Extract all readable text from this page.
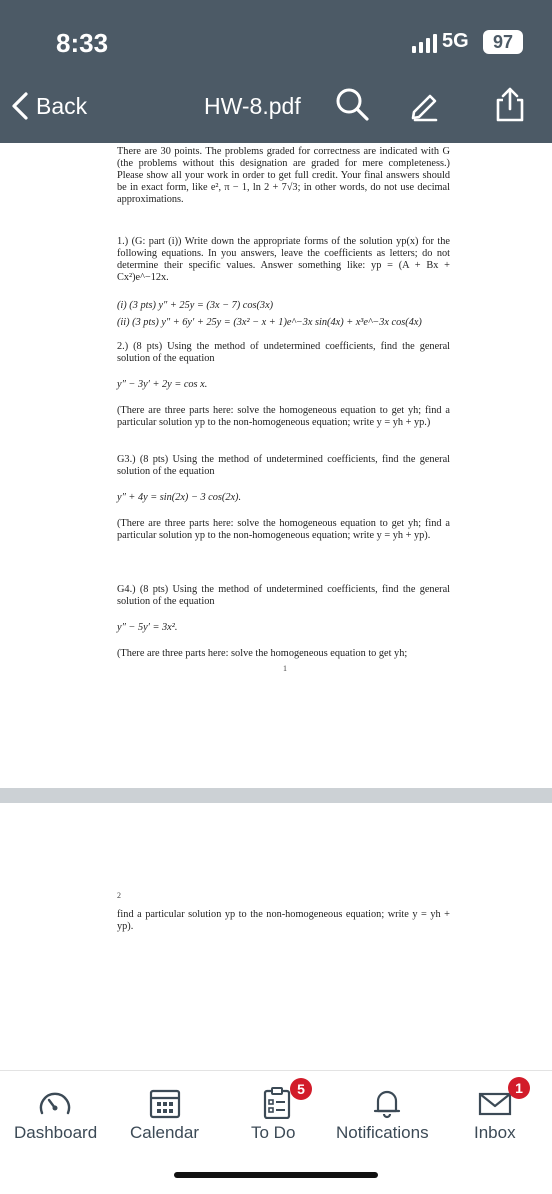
8:33	5G	97
Back	HW-8.pdf
There are 30 points. The problems graded for correctness are indicated with G (the problems without this designation are graded for mere completeness.) Please show all your work in order to get full credit. Your final answers should be in exact form, like e², π − 1, ln 2 + 7√3; in other words, do not use decimal approximations.
1.) (G: part (i)) Write down the appropriate forms of the solution yp(x) for the following equations. In you answers, leave the coefficients as letters; do not determine their specific values. Answer something like: yp = (A + Bx + Cx²)e^−12x.
(i) (3 pts) y″ + 25y = (3x − 7) cos(3x)
(ii) (3 pts) y″ + 6y′ + 25y = (3x² − x + 1)e^−3x sin(4x) + x³e^−3x cos(4x)
2.) (8 pts) Using the method of undetermined coefficients, find the general solution of the equation
y″ − 3y′ + 2y = cos x.
(There are three parts here: solve the homogeneous equation to get yh; find a particular solution yp to the non-homogeneous equation; write y = yh + yp.)
G3.) (8 pts) Using the method of undetermined coefficients, find the general solution of the equation
y″ + 4y = sin(2x) − 3 cos(2x).
(There are three parts here: solve the homogeneous equation to get yh; find a particular solution yp to the non-homogeneous equation; write y = yh + yp).
G4.) (8 pts) Using the method of undetermined coefficients, find the general solution of the equation
y″ − 5y′ = 3x².
(There are three parts here: solve the homogeneous equation to get yh;
1
2
find a particular solution yp to the non-homogeneous equation; write y = yh + yp).
Dashboard Calendar
5
To Do Notifications
1
Inbox
